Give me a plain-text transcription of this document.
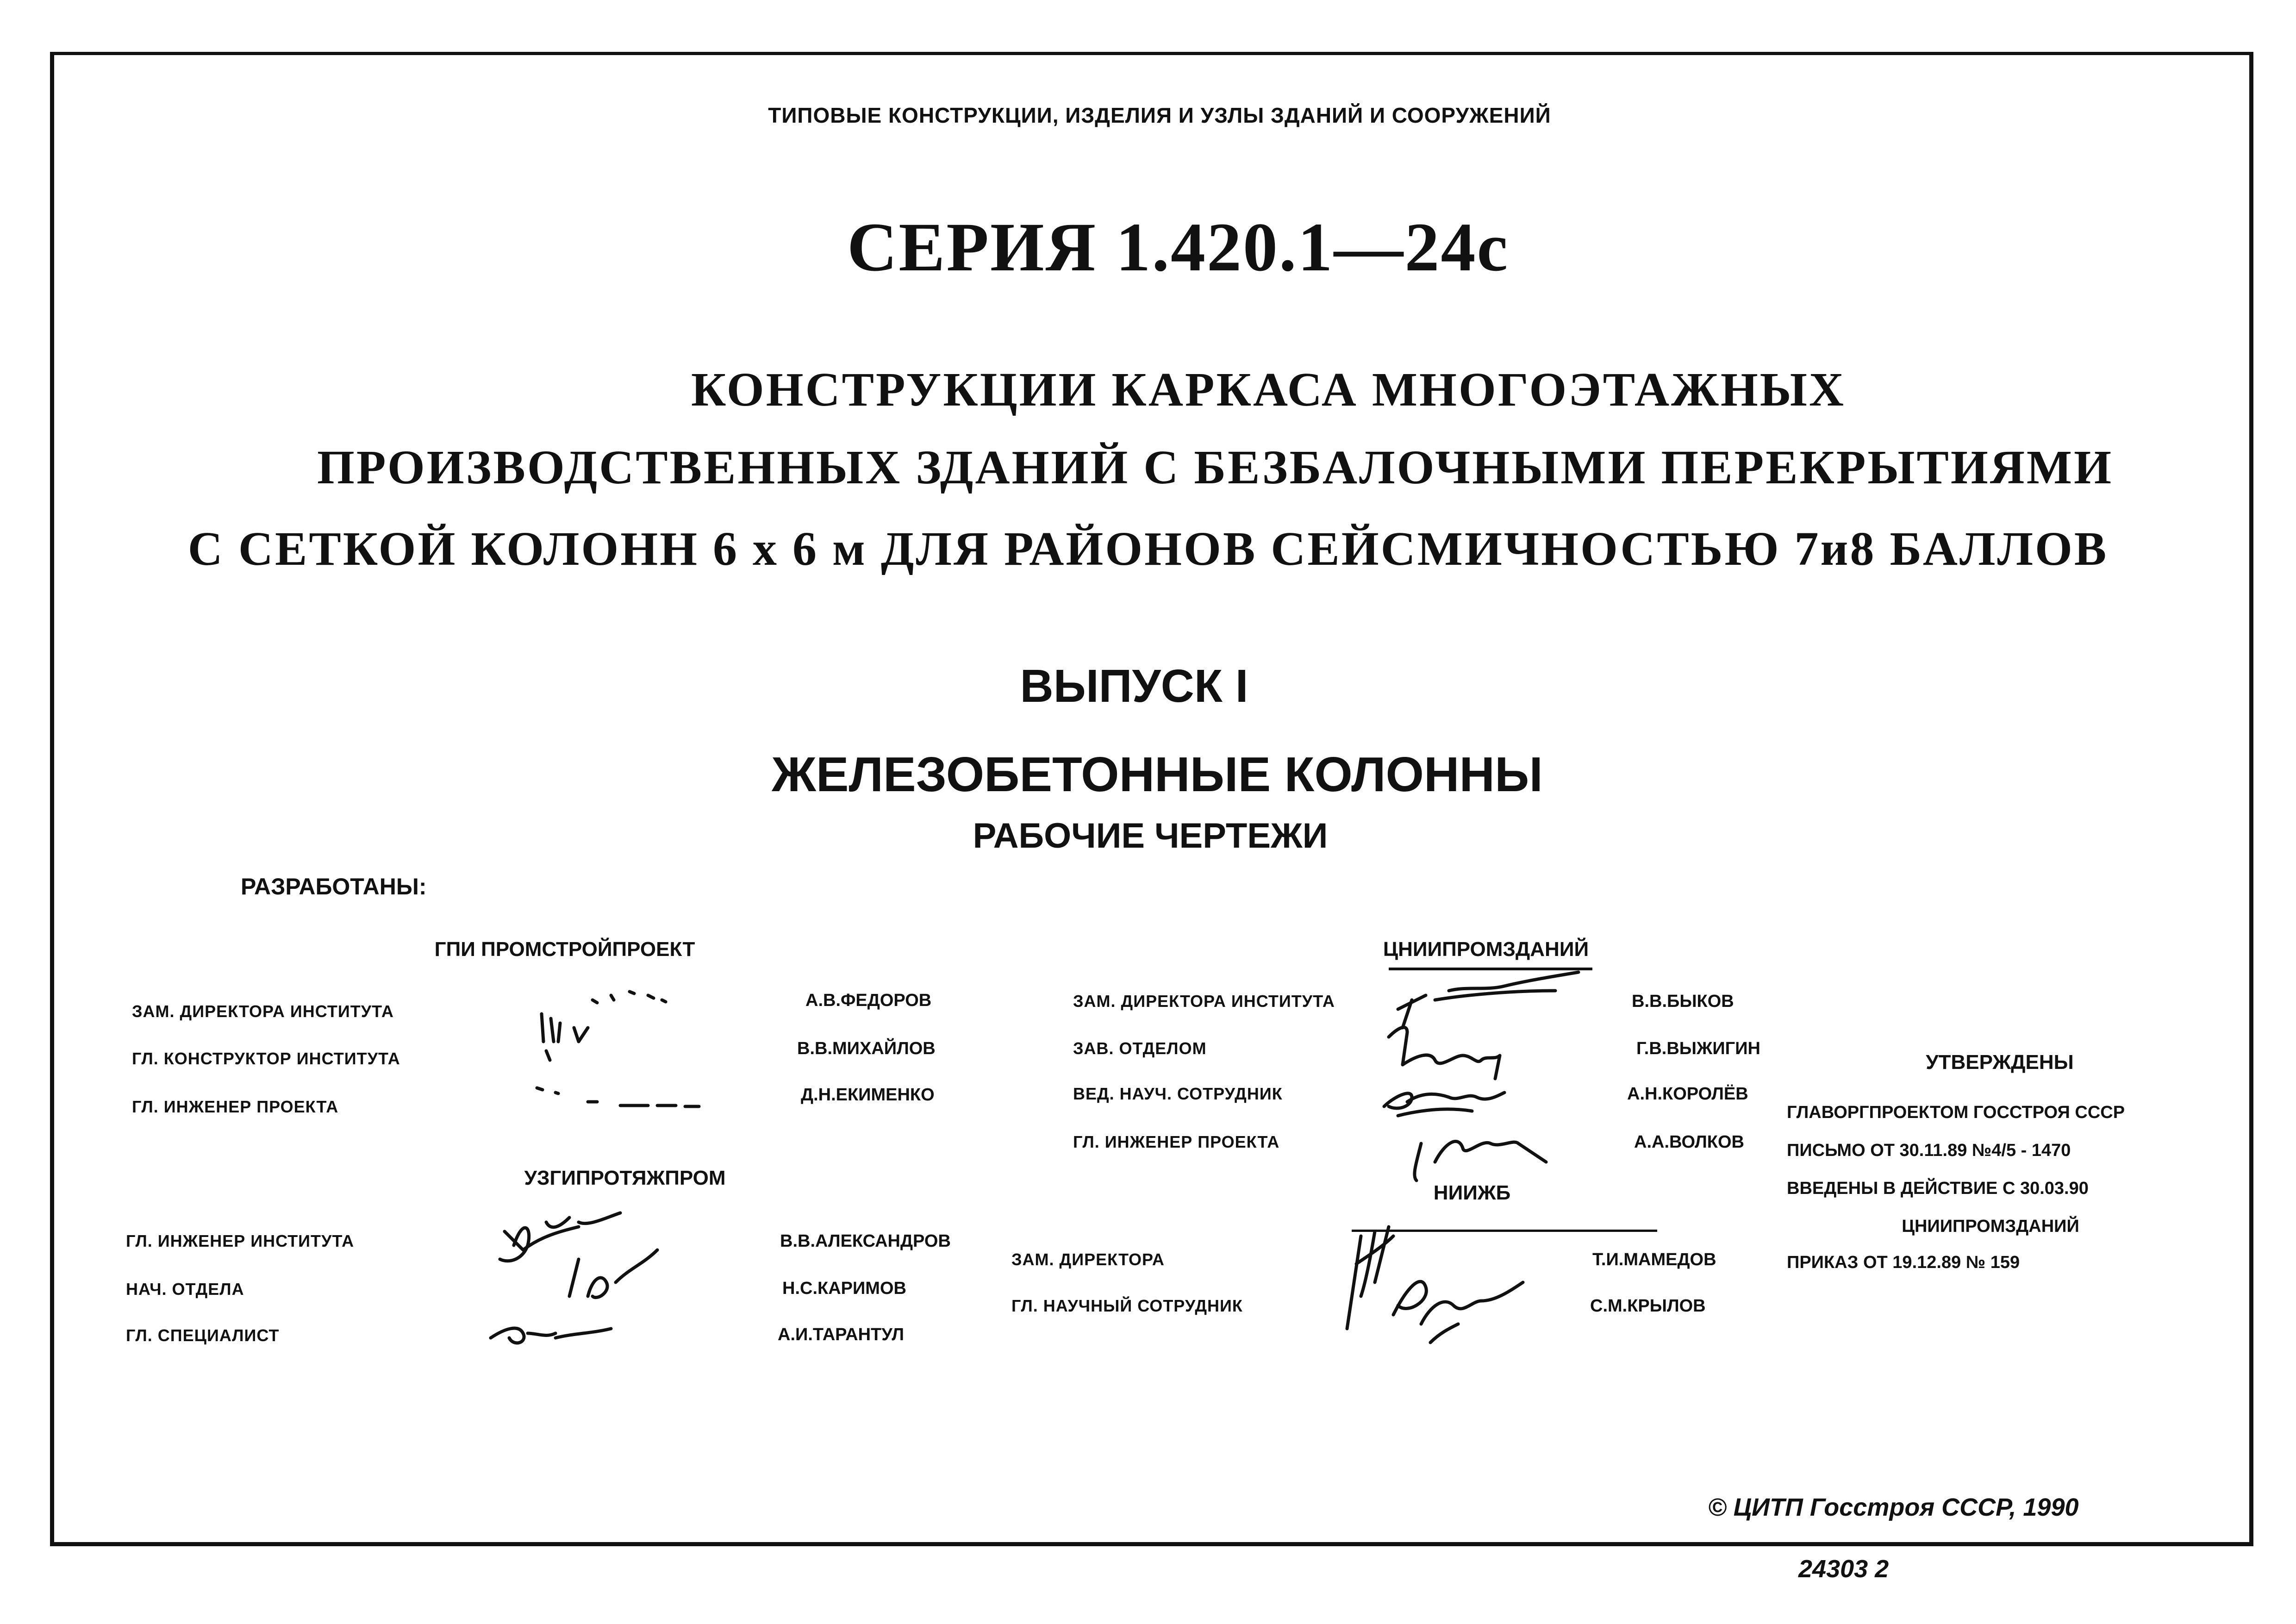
ТИПОВЫЕ КОНСТРУКЦИИ, ИЗДЕЛИЯ И УЗЛЫ ЗДАНИЙ И СООРУЖЕНИЙ
СЕРИЯ 1.420.1—24с
КОНСТРУКЦИИ КАРКАСА МНОГОЭТАЖНЫХ
ПРОИЗВОДСТВЕННЫХ ЗДАНИЙ С БЕЗБАЛОЧНЫМИ ПЕРЕКРЫТИЯМИ
С СЕТКОЙ КОЛОНН 6 х 6 м ДЛЯ РАЙОНОВ СЕЙСМИЧНОСТЬЮ 7и8 БАЛЛОВ
ВЫПУСК I
ЖЕЛЕЗОБЕТОННЫЕ КОЛОННЫ
РАБОЧИЕ ЧЕРТЕЖИ
РАЗРАБОТАНЫ:
ГПИ ПРОМСТРОЙПРОЕКТ
ЗАМ. ДИРЕКТОРА ИНСТИТУТА
ГЛ. КОНСТРУКТОР ИНСТИТУТА
ГЛ. ИНЖЕНЕР ПРОЕКТА
А.В.ФЕДОРОВ
В.В.МИХАЙЛОВ
Д.Н.ЕКИМЕНКО
УЗГИПРОТЯЖПРОМ
ГЛ. ИНЖЕНЕР ИНСТИТУТА
НАЧ. ОТДЕЛА
ГЛ. СПЕЦИАЛИСТ
В.В.АЛЕКСАНДРОВ
Н.С.КАРИМОВ
А.И.ТАРАНТУЛ
ЦНИИПРОМЗДАНИЙ
ЗАМ. ДИРЕКТОРА ИНСТИТУТА
ЗАВ. ОТДЕЛОМ
ВЕД. НАУЧ. СОТРУДНИК
ГЛ. ИНЖЕНЕР ПРОЕКТА
В.В.БЫКОВ
Г.В.ВЫЖИГИН
А.Н.КОРОЛЁВ
А.А.ВОЛКОВ
НИИЖБ
ЗАМ. ДИРЕКТОРА
ГЛ. НАУЧНЫЙ СОТРУДНИК
Т.И.МАМЕДОВ
С.М.КРЫЛОВ
УТВЕРЖДЕНЫ
ГЛАВОРГПРОЕКТОМ ГОССТРОЯ СССР
ПИСЬМО ОТ 30.11.89 №4/5 - 1470
ВВЕДЕНЫ В ДЕЙСТВИЕ С 30.03.90
ЦНИИПРОМЗДАНИЙ
ПРИКАЗ ОТ 19.12.89 № 159
© ЦИТП Госстроя СССР, 1990
24303 2
